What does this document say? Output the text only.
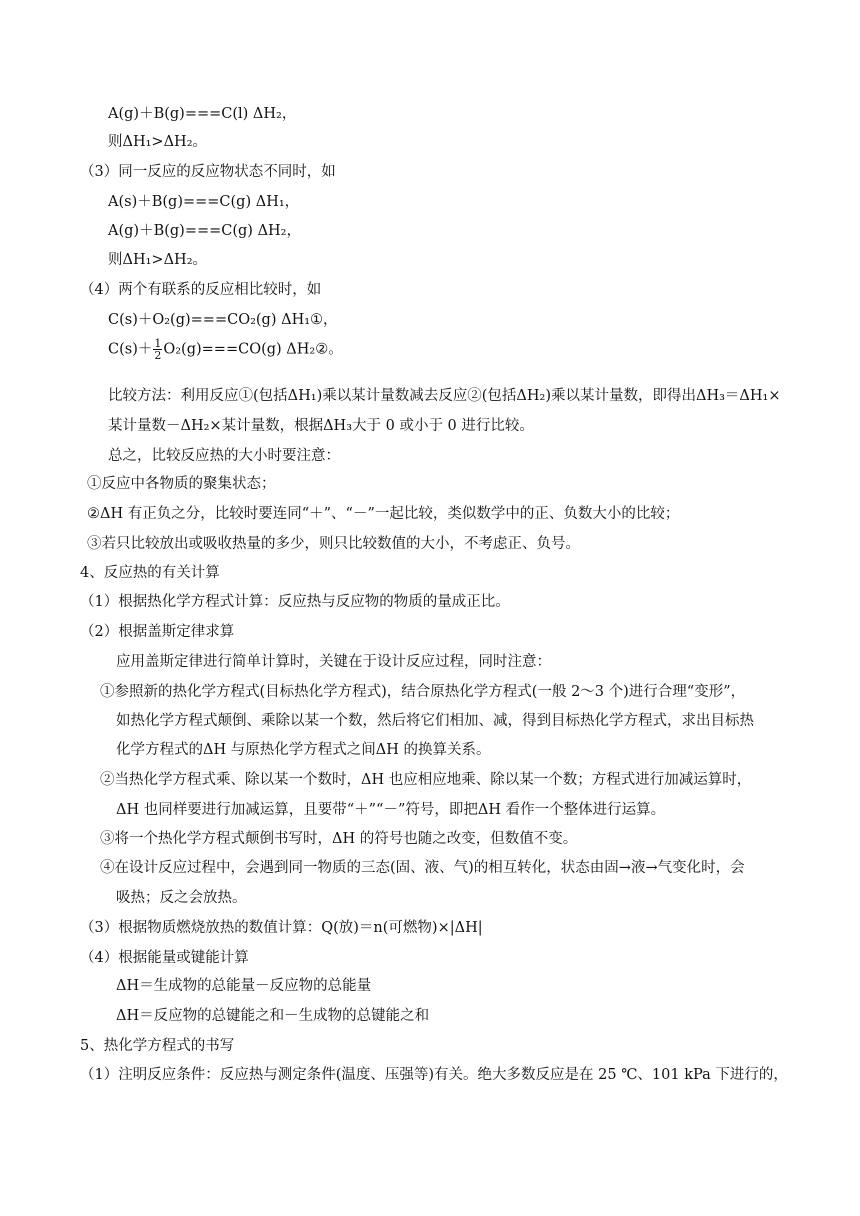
A(g)＋B(g)===C(l) ΔH₂，
则ΔH₁>ΔH₂。
（3）同一反应的反应物状态不同时，如
A(s)＋B(g)===C(g) ΔH₁，
A(g)＋B(g)===C(g) ΔH₂，
则ΔH₁>ΔH₂。
（4）两个有联系的反应相比较时，如
C(s)＋O₂(g)===CO₂(g) ΔH₁①，
$C(s)+ \frac{1}{2} O_2(g)===CO(g)$ ΔH₂②。
比较方法：利用反应①(包括ΔH₁)乘以某计量数减去反应②(包括ΔH₂)乘以某计量数，即得出ΔH₃＝ΔH₁×
某计量数－ΔH₂×某计量数，根据ΔH₃大于 0 或小于 0 进行比较。
总之，比较反应热的大小时要注意：
①反应中各物质的聚集状态；
②ΔH 有正负之分，比较时要连同“＋”、“－”一起比较，类似数学中的正、负数大小的比较；
③若只比较放出或吸收热量的多少，则只比较数值的大小，不考虑正、负号。
4、反应热的有关计算
（1）根据热化学方程式计算：反应热与反应物的物质的量成正比。
（2）根据盖斯定律求算
应用盖斯定律进行简单计算时，关键在于设计反应过程，同时注意：
①参照新的热化学方程式(目标热化学方程式)，结合原热化学方程式(一般 2～3 个)进行合理“变形”，
如热化学方程式颠倒、乘除以某一个数，然后将它们相加、减，得到目标热化学方程式，求出目标热
化学方程式的ΔH 与原热化学方程式之间ΔH 的换算关系。
②当热化学方程式乘、除以某一个数时，ΔH 也应相应地乘、除以某一个数；方程式进行加减运算时，
ΔH 也同样要进行加减运算，且要带“＋”“－”符号，即把ΔH 看作一个整体进行运算。
③将一个热化学方程式颠倒书写时，ΔH 的符号也随之改变，但数值不变。
④在设计反应过程中，会遇到同一物质的三态(固、液、气)的相互转化，状态由固→液→气变化时，会
吸热；反之会放热。
（3）根据物质燃烧放热的数值计算：Q(放)＝n(可燃物)×|ΔH|
（4）根据能量或键能计算
ΔH＝生成物的总能量－反应物的总能量
ΔH＝反应物的总键能之和－生成物的总键能之和
5、热化学方程式的书写
（1）注明反应条件：反应热与测定条件(温度、压强等)有关。绝大多数反应是在 25 ℃、101 kPa 下进行的，
